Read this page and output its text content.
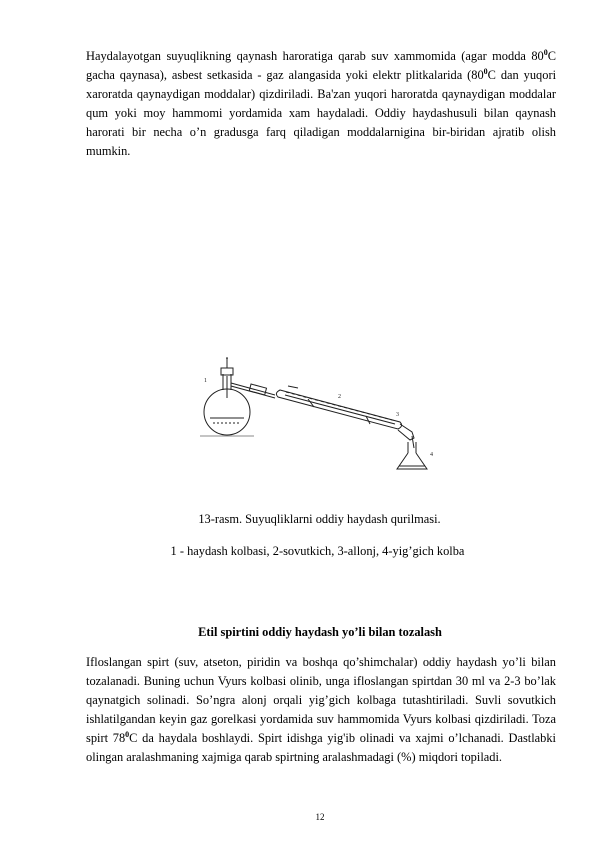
Haydalayotgan suyuqlikning qaynash haroratiga qarab suv xammomida (agar modda $80^0C$ gacha qaynasa), asbest setkasida - gaz alangasida yoki elektr plitkalarida ($80^0C$ dan yuqori xaroratda qaynaydigan moddalar) qizdiriladi. Ba'zan yuqori haroratda qaynaydigan moddalar qum yoki moy hammomi yordamida xam haydaladi. Oddiy haydashusuli bilan qaynash harorati bir necha o’n gradusga farq qiladigan moddalarnigina bir-biridan ajratib olish mumkin.

1
2
3
4
13-rasm. Suyuqliklarni oddiy haydash qurilmasi.
1 - haydash kolbasi, 2-sovutkich, 3-allonj, 4-yig’gich kolba
Etil spirtini oddiy haydash yo’li bilan tozalash

Ifloslangan spirt (suv, atseton, piridin va boshqa qo’shimchalar) oddiy haydash yo’li bilan tozalanadi. Buning uchun Vyurs kolbasi olinib, unga ifloslangan spirtdan 30 ml va 2-3 bo’lak qaynatgich solinadi. So’ngra alonj orqali yig’gich kolbaga tutashtiriladi. Suvli sovutkich ishlatilgandan keyin gaz gorelkasi yordamida suv hammomida Vyurs kolbasi qizdiriladi. Toza spirt $78^0C$ da haydala boshlaydi. Spirt idishga yig'ib olinadi va xajmi o’lchanadi. Dastlabki olingan aralashmaning xajmiga qarab spirtning aralashmadagi (%) miqdori topiladi.

12
